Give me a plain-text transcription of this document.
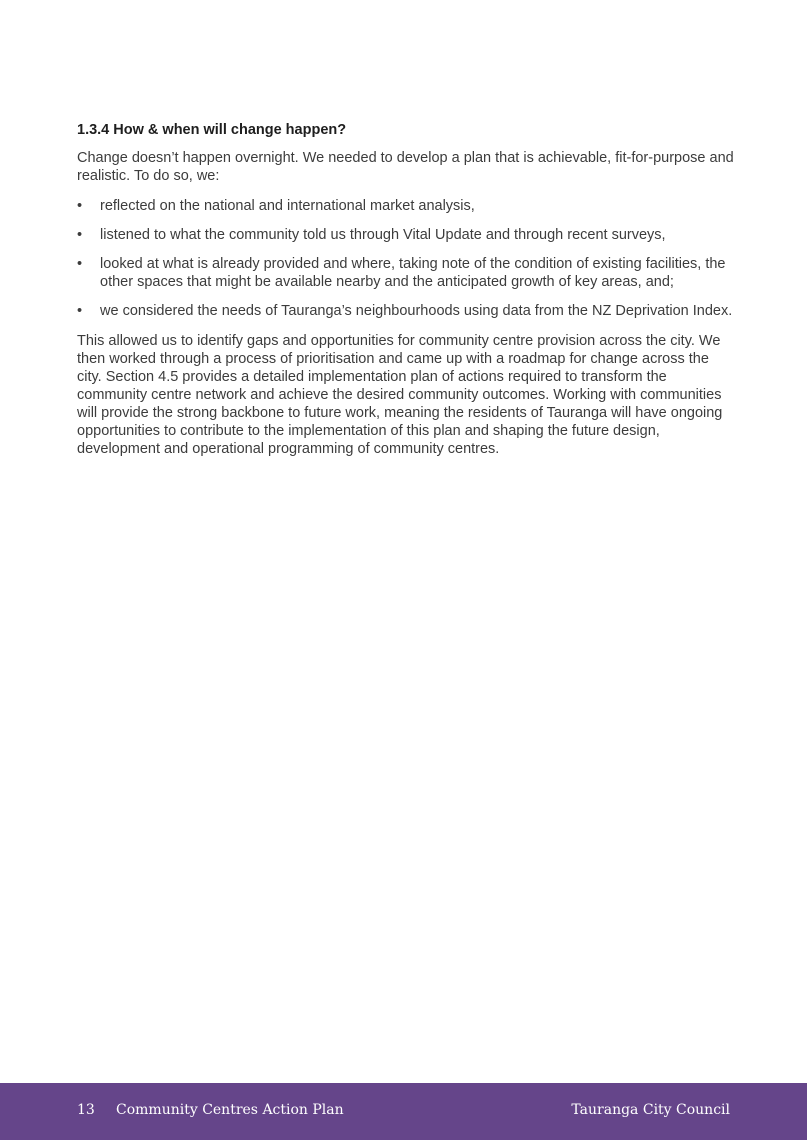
1.3.4 How & when will change happen?

Change doesn’t happen overnight. We needed to develop a plan that is achievable, fit-for-purpose and realistic. To do so, we:

• reflected on the national and international market analysis,
• listened to what the community told us through Vital Update and through recent surveys,
• looked at what is already provided and where, taking note of the condition of existing facilities, the other spaces that might be available nearby and the anticipated growth of key areas, and;
• we considered the needs of Tauranga’s neighbourhoods using data from the NZ Deprivation Index.

This allowed us to identify gaps and opportunities for community centre provision across the city. We then worked through a process of prioritisation and came up with a roadmap for change across the city. Section 4.5 provides a detailed implementation plan of actions required to transform the community centre network and achieve the desired community outcomes. Working with communities will provide the strong backbone to future work, meaning the residents of Tauranga will have ongoing opportunities to contribute to the implementation of this plan and shaping the future design, development and operational programming of community centres.

13 Community Centres Action Plan	Tauranga City Council
